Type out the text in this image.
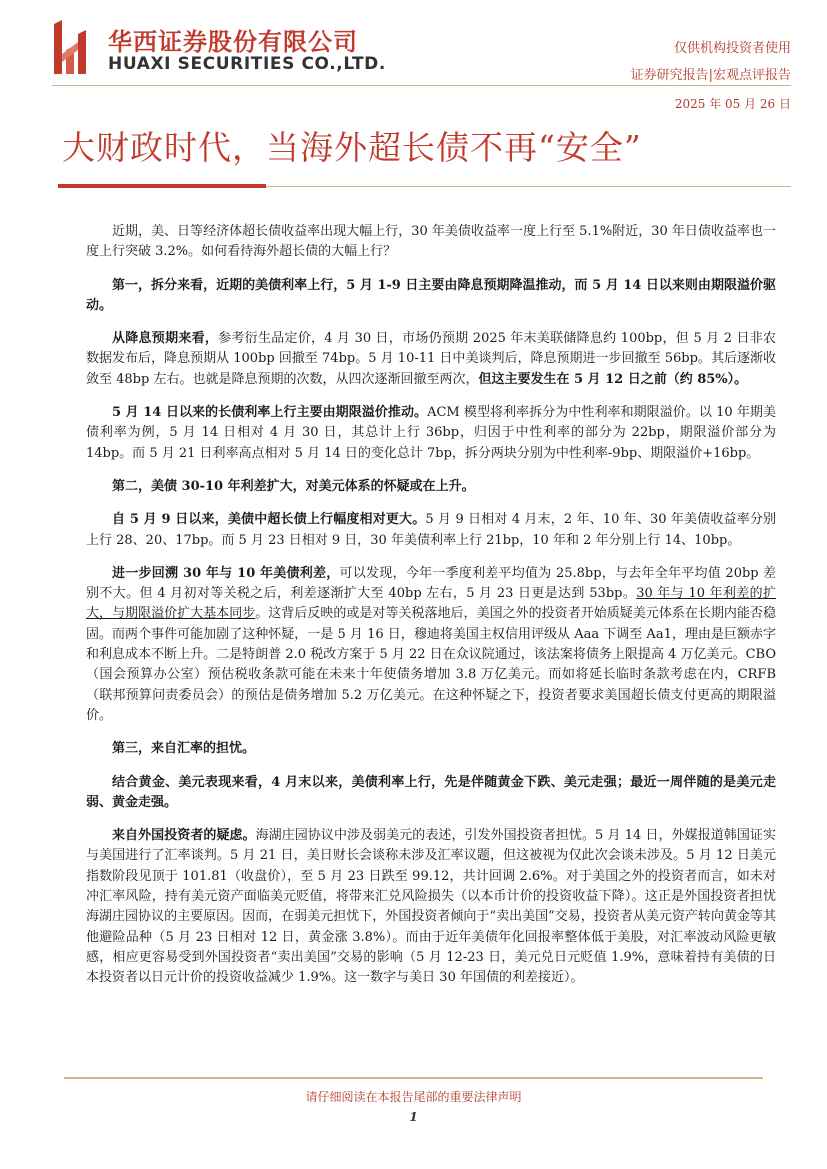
华西证券股份有限公司
HUAXI SECURITIES CO.,LTD.
仅供机构投资者使用
证券研究报告|宏观点评报告
2025 年 05 月 26 日
大财政时代，当海外超长债不再“安全”

近期，美、日等经济体超长债收益率出现大幅上行，30 年美债收益率一度上行至 5.1%附近，30 年日债收益率也一度上行突破 3.2%。如何看待海外超长债的大幅上行？

第一，拆分来看，近期的美债利率上行，5 月 1-9 日主要由降息预期降温推动，而 5 月 14 日以来则由期限溢价驱动。

从降息预期来看，参考衍生品定价，4 月 30 日，市场仍预期 2025 年末美联储降息约 100bp，但 5 月 2 日非农数据发布后，降息预期从 100bp 回撤至 74bp。5 月 10-11 日中美谈判后，降息预期进一步回撤至 56bp。其后逐渐收敛至 48bp 左右。也就是降息预期的次数，从四次逐渐回撤至两次，但这主要发生在 5 月 12 日之前（约 85%）。

5 月 14 日以来的长债利率上行主要由期限溢价推动。ACM 模型将利率拆分为中性利率和期限溢价。以 10 年期美债利率为例，5 月 14 日相对 4 月 30 日，其总计上行 36bp，归因于中性利率的部分为 22bp，期限溢价部分为 14bp。而 5 月 21 日利率高点相对 5 月 14 日的变化总计 7bp，拆分两块分别为中性利率-9bp、期限溢价+16bp。

第二，美债 30-10 年利差扩大，对美元体系的怀疑或在上升。

自 5 月 9 日以来，美债中超长债上行幅度相对更大。5 月 9 日相对 4 月末，2 年、10 年、30 年美债收益率分别上行 28、20、17bp。而 5 月 23 日相对 9 日，30 年美债利率上行 21bp，10 年和 2 年分别上行 14、10bp。

进一步回溯 30 年与 10 年美债利差，可以发现，今年一季度利差平均值为 25.8bp，与去年全年平均值 20bp 差别不大。但 4 月初对等关税之后，利差逐渐扩大至 40bp 左右，5 月 23 日更是达到 53bp。30 年与 10 年利差的扩大，与期限溢价扩大基本同步。这背后反映的或是对等关税落地后，美国之外的投资者开始质疑美元体系在长期内能否稳固。而两个事件可能加剧了这种怀疑，一是 5 月 16 日，穆迪将美国主权信用评级从 Aaa 下调至 Aa1，理由是巨额赤字和利息成本不断上升。二是特朗普 2.0 税改方案于 5 月 22 日在众议院通过，该法案将债务上限提高 4 万亿美元。CBO（国会预算办公室）预估税收条款可能在未来十年使债务增加 3.8 万亿美元。而如将延长临时条款考虑在内，CRFB（联邦预算问责委员会）的预估是债务增加 5.2 万亿美元。在这种怀疑之下，投资者要求美国超长债支付更高的期限溢价。

第三，来自汇率的担忧。

结合黄金、美元表现来看，4 月末以来，美债利率上行，先是伴随黄金下跌、美元走强；最近一周伴随的是美元走弱、黄金走强。

来自外国投资者的疑虑。海湖庄园协议中涉及弱美元的表述，引发外国投资者担忧。5 月 14 日，外媒报道韩国证实与美国进行了汇率谈判。5 月 21 日，美日财长会谈称未涉及汇率议题，但这被视为仅此次会谈未涉及。5 月 12 日美元指数阶段见顶于 101.81（收盘价），至 5 月 23 日跌至 99.12，共计回调 2.6%。对于美国之外的投资者而言，如未对冲汇率风险，持有美元资产面临美元贬值，将带来汇兑风险损失（以本币计价的投资收益下降）。这正是外国投资者担忧海湖庄园协议的主要原因。因而，在弱美元担忧下，外国投资者倾向于“卖出美国”交易，投资者从美元资产转向黄金等其他避险品种（5 月 23 日相对 12 日，黄金涨 3.8%）。而由于近年美债年化回报率整体低于美股，对汇率波动风险更敏感，相应更容易受到外国投资者“卖出美国”交易的影响（5 月 12-23 日，美元兑日元贬值 1.9%，意味着持有美债的日本投资者以日元计价的投资收益减少 1.9%。这一数字与美日 30 年国债的利差接近）。

请仔细阅读在本报告尾部的重要法律声明
1
